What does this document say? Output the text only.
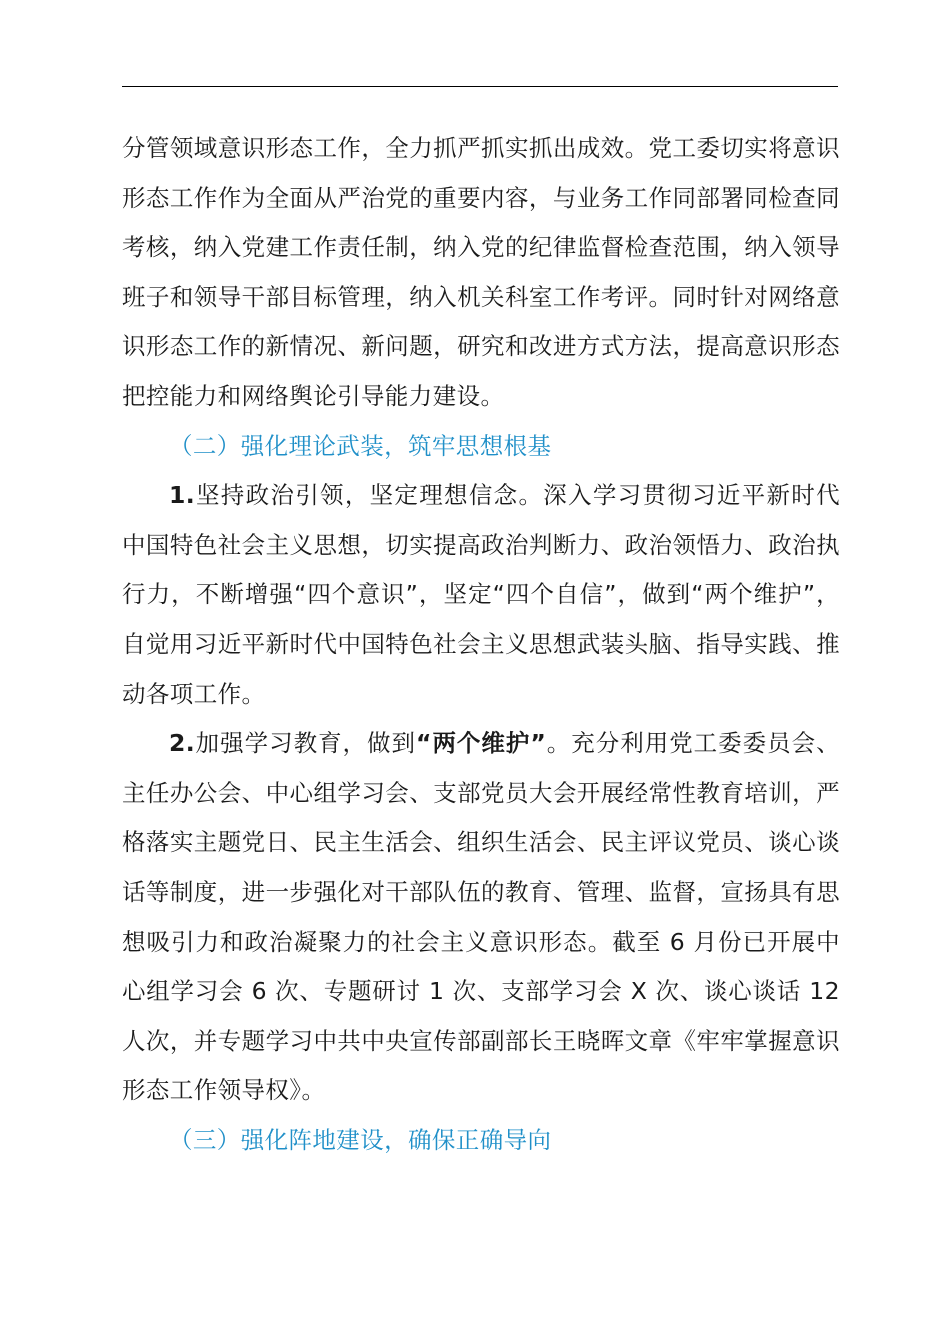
分管领域意识形态工作，全力抓严抓实抓出成效。党工委切实将意识形态工作作为全面从严治党的重要内容，与业务工作同部署同检查同考核，纳入党建工作责任制，纳入党的纪律监督检查范围，纳入领导班子和领导干部目标管理，纳入机关科室工作考评。同时针对网络意识形态工作的新情况、新问题，研究和改进方式方法，提高意识形态把控能力和网络舆论引导能力建设。

（二）强化理论武装，筑牢思想根基

1.坚持政治引领，坚定理想信念。深入学习贯彻习近平新时代中国特色社会主义思想，切实提高政治判断力、政治领悟力、政治执行力，不断增强“四个意识”，坚定“四个自信”，做到“两个维护”，自觉用习近平新时代中国特色社会主义思想武装头脑、指导实践、推动各项工作。

2.加强学习教育，做到“两个维护”。充分利用党工委委员会、主任办公会、中心组学习会、支部党员大会开展经常性教育培训，严格落实主题党日、民主生活会、组织生活会、民主评议党员、谈心谈话等制度，进一步强化对干部队伍的教育、管理、监督，宣扬具有思想吸引力和政治凝聚力的社会主义意识形态。截至 6 月份已开展中心组学习会 6 次、专题研讨 1 次、支部学习会 X 次、谈心谈话 12 人次，并专题学习中共中央宣传部副部长王晓晖文章《牢牢掌握意识形态工作领导权》。

（三）强化阵地建设，确保正确导向
